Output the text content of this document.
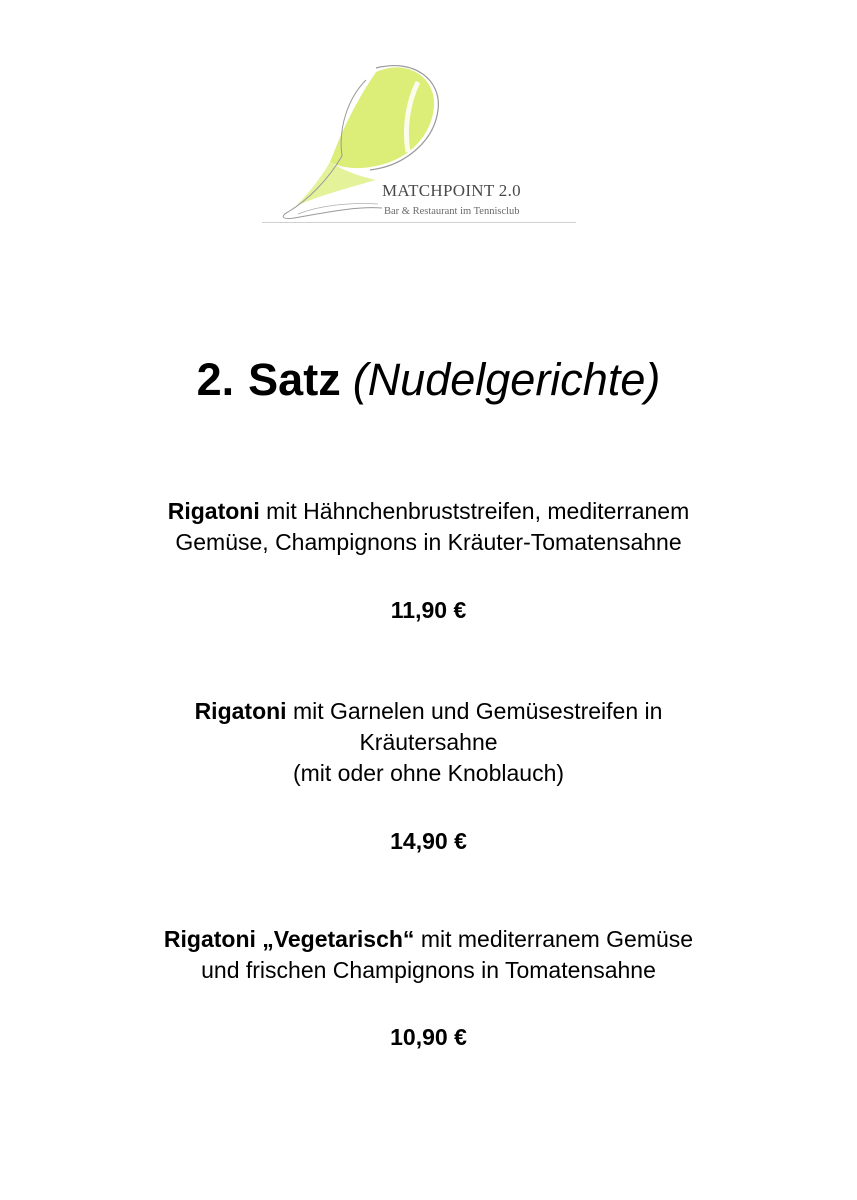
MATCHPOINT 2.0
Bar & Restaurant im Tennisclub
2. Satz (Nudelgerichte)
Rigatoni mit Hähnchenbruststreifen, mediterranem
Gemüse, Champignons in Kräuter-Tomatensahne
11,90 €
Rigatoni mit Garnelen und Gemüsestreifen in
Kräutersahne
(mit oder ohne Knoblauch)
14,90 €
Rigatoni „Vegetarisch“ mit mediterranem Gemüse
und frischen Champignons in Tomatensahne
10,90 €
